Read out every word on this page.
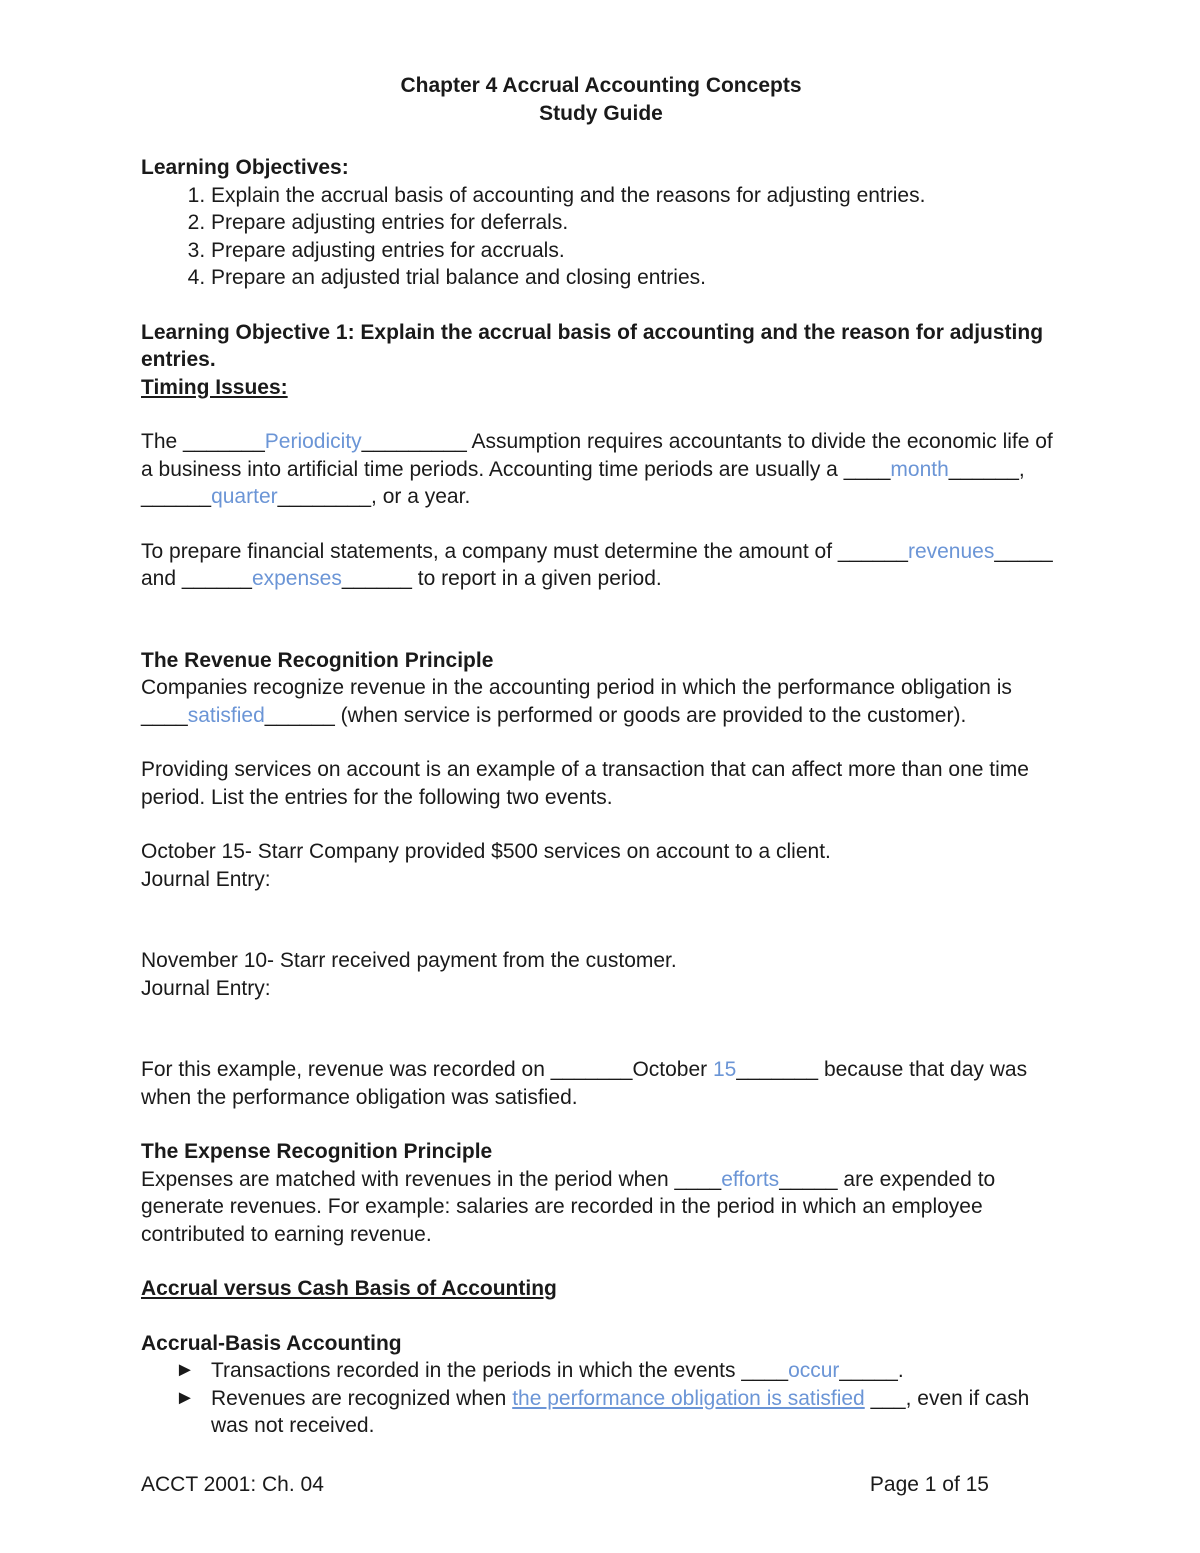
Chapter 4 Accrual Accounting Concepts

Study Guide

Learning Objectives:

1. Explain the accrual basis of accounting and the reasons for adjusting entries.
2. Prepare adjusting entries for deferrals.
3. Prepare adjusting entries for accruals.
4. Prepare an adjusted trial balance and closing entries.

Learning Objective 1: Explain the accrual basis of accounting and the reason for adjusting entries.

Timing Issues:

The _______Periodicity_________ Assumption requires accountants to divide the economic life of a business into artificial time periods. Accounting time periods are usually a ____month______, ______quarter________, or a year.

To prepare financial statements, a company must determine the amount of ______revenues_____ and ______expenses______ to report in a given period.

The Revenue Recognition Principle

Companies recognize revenue in the accounting period in which the performance obligation is ____satisfied______ (when service is performed or goods are provided to the customer).

Providing services on account is an example of a transaction that can affect more than one time period. List the entries for the following two events.

October 15- Starr Company provided $500 services on account to a client.

Journal Entry:

November 10- Starr received payment from the customer.

Journal Entry:

For this example, revenue was recorded on _______October 15_______ because that day was when the performance obligation was satisfied.

The Expense Recognition Principle

Expenses are matched with revenues in the period when ____efforts_____ are expended to generate revenues. For example: salaries are recorded in the period in which an employee contributed to earning revenue.

Accrual versus Cash Basis of Accounting

Accrual-Basis Accounting

► Transactions recorded in the periods in which the events ____occur_____.
► Revenues are recognized when the performance obligation is satisfied ___, even if cash was not received.
ACCT 2001: Ch. 04	Page 1 of 15
